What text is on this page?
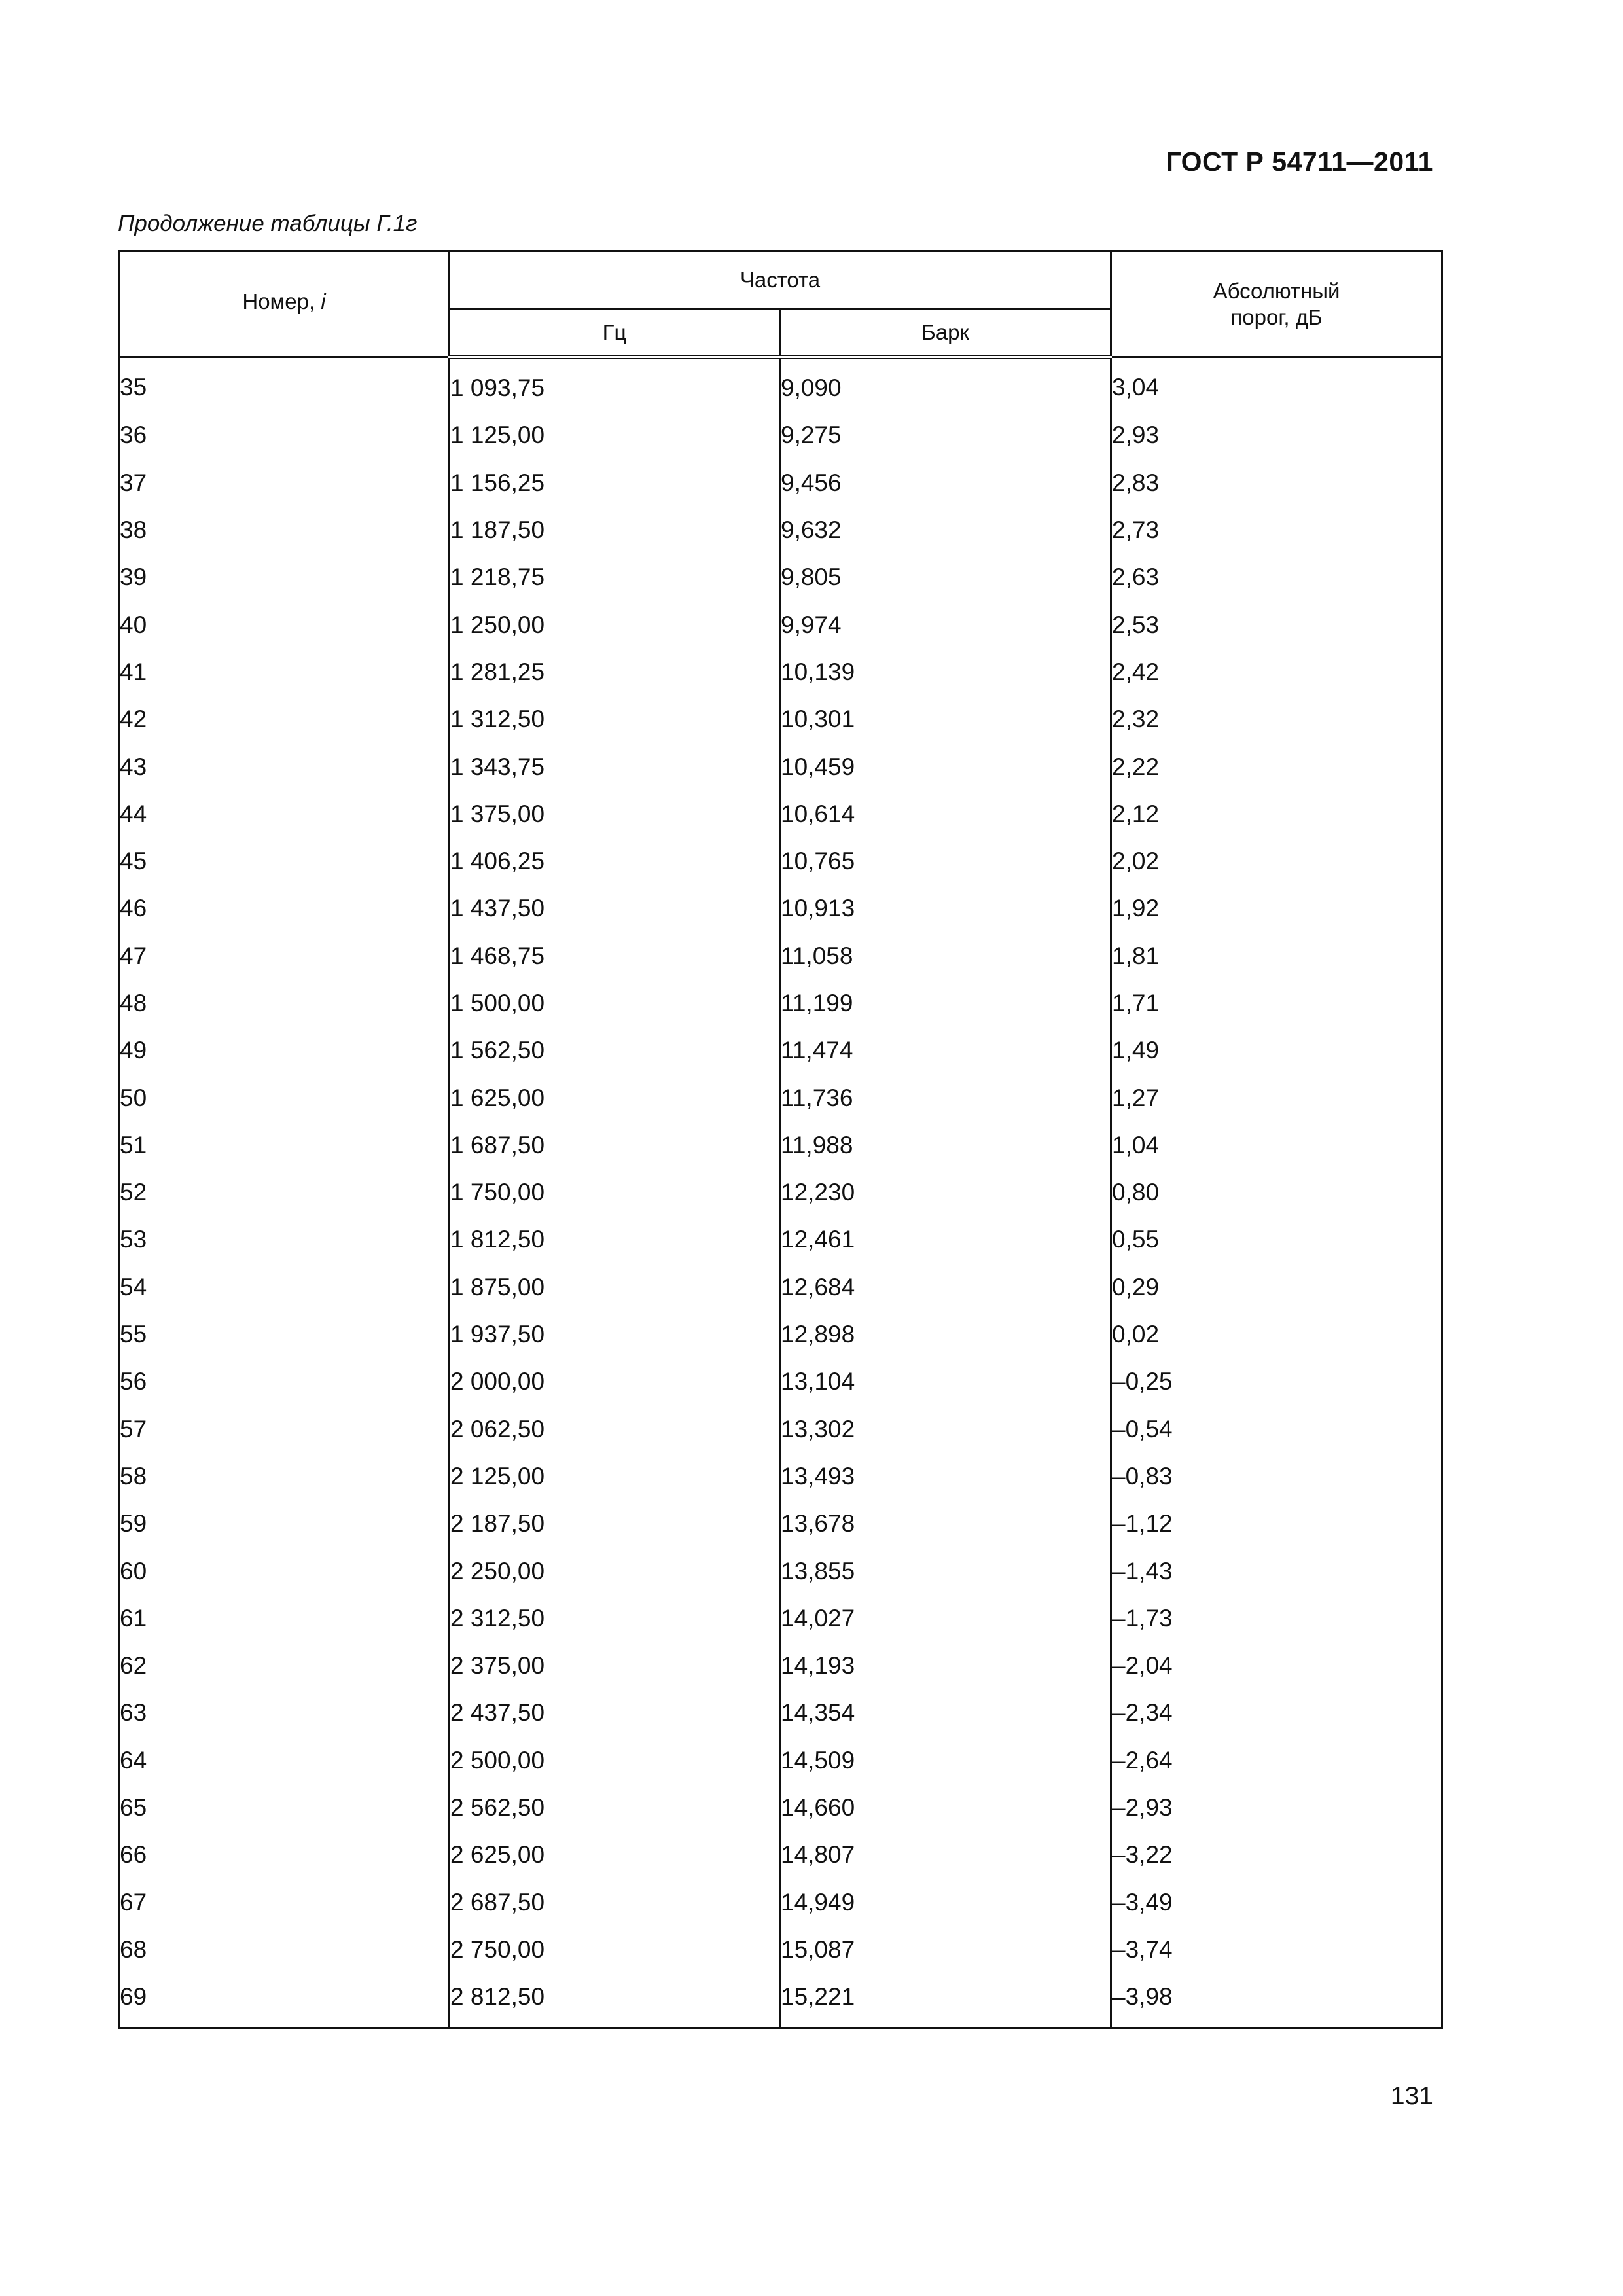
ГОСТ Р 54711—2011
Продолжение таблицы Г.1г
Номер, i	Частота		Абсолютный
порог, дБ
	Гц	Барк	
35	1 093,75	9,090	3,04
36	1 125,00	9,275	2,93
37	1 156,25	9,456	2,83
38	1 187,50	9,632	2,73
39	1 218,75	9,805	2,63
40	1 250,00	9,974	2,53
41	1 281,25	10,139	2,42
42	1 312,50	10,301	2,32
43	1 343,75	10,459	2,22
44	1 375,00	10,614	2,12
45	1 406,25	10,765	2,02
46	1 437,50	10,913	1,92
47	1 468,75	11,058	1,81
48	1 500,00	11,199	1,71
49	1 562,50	11,474	1,49
50	1 625,00	11,736	1,27
51	1 687,50	11,988	1,04
52	1 750,00	12,230	0,80
53	1 812,50	12,461	0,55
54	1 875,00	12,684	0,29
55	1 937,50	12,898	0,02
56	2 000,00	13,104	–0,25
57	2 062,50	13,302	–0,54
58	2 125,00	13,493	–0,83
59	2 187,50	13,678	–1,12
60	2 250,00	13,855	–1,43
61	2 312,50	14,027	–1,73
62	2 375,00	14,193	–2,04
63	2 437,50	14,354	–2,34
64	2 500,00	14,509	–2,64
65	2 562,50	14,660	–2,93
66	2 625,00	14,807	–3,22
67	2 687,50	14,949	–3,49
68	2 750,00	15,087	–3,74
69	2 812,50	15,221	–3,98
131
